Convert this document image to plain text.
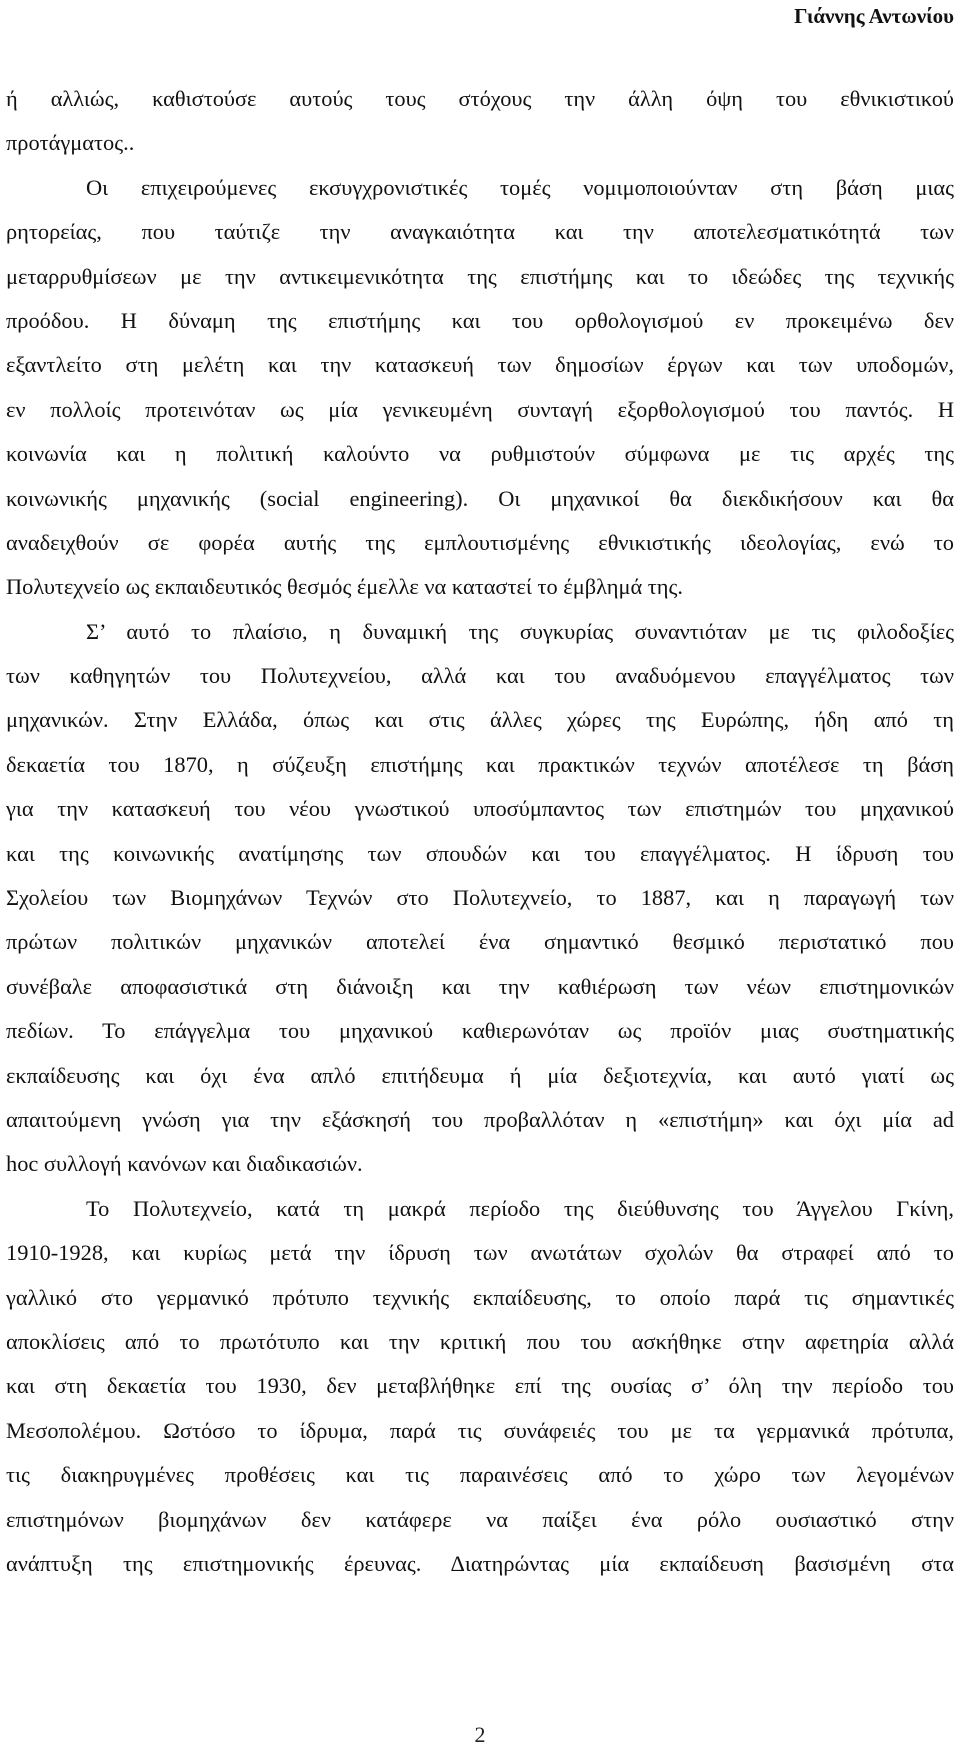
Γιάννης Αντωνίου

ή αλλιώς, καθιστούσε αυτούς τους στόχους την άλλη όψη του εθνικιστικού
προτάγματος..

Οι επιχειρούμενες εκσυγχρονιστικές τομές νομιμοποιούνταν στη βάση μιας
ρητορείας, που ταύτιζε την αναγκαιότητα και την αποτελεσματικότητά των
μεταρρυθμίσεων με την αντικειμενικότητα της επιστήμης και το ιδεώδες της τεχνικής
προόδου. Η δύναμη της επιστήμης και του ορθολογισμού εν προκειμένω δεν
εξαντλείτο στη μελέτη και την κατασκευή των δημοσίων έργων και των υποδομών,
εν πολλοίς προτεινόταν ως μία γενικευμένη συνταγή εξορθολογισμού του παντός. Η
κοινωνία και η πολιτική καλούντο να ρυθμιστούν σύμφωνα με τις αρχές της
κοινωνικής μηχανικής (social engineering). Οι μηχανικοί θα διεκδικήσουν και θα
αναδειχθούν σε φορέα αυτής της εμπλουτισμένης εθνικιστικής ιδεολογίας, ενώ το
Πολυτεχνείο ως εκπαιδευτικός θεσμός έμελλε να καταστεί το έμβλημά της.

Σ’ αυτό το πλαίσιο, η δυναμική της συγκυρίας συναντιόταν με τις φιλοδοξίες
των καθηγητών του Πολυτεχνείου, αλλά και του αναδυόμενου επαγγέλματος των
μηχανικών. Στην Ελλάδα, όπως και στις άλλες χώρες της Ευρώπης, ήδη από τη
δεκαετία του 1870, η σύζευξη επιστήμης και πρακτικών τεχνών αποτέλεσε τη βάση
για την κατασκευή του νέου γνωστικού υποσύμπαντος των επιστημών του μηχανικού
και της κοινωνικής ανατίμησης των σπουδών και του επαγγέλματος. Η ίδρυση του
Σχολείου των Βιομηχάνων Τεχνών στο Πολυτεχνείο, το 1887, και η παραγωγή των
πρώτων πολιτικών μηχανικών αποτελεί ένα σημαντικό θεσμικό περιστατικό που
συνέβαλε αποφασιστικά στη διάνοιξη και την καθιέρωση των νέων επιστημονικών
πεδίων. Το επάγγελμα του μηχανικού καθιερωνόταν ως προϊόν μιας συστηματικής
εκπαίδευσης και όχι ένα απλό επιτήδευμα ή μία δεξιοτεχνία, και αυτό γιατί ως
απαιτούμενη γνώση για την εξάσκησή του προβαλλόταν η «επιστήμη» και όχι μία ad
hoc συλλογή κανόνων και διαδικασιών.

Το Πολυτεχνείο, κατά τη μακρά περίοδο της διεύθυνσης του Άγγελου Γκίνη,
1910-1928, και κυρίως μετά την ίδρυση των ανωτάτων σχολών θα στραφεί από το
γαλλικό στο γερμανικό πρότυπο τεχνικής εκπαίδευσης, το οποίο παρά τις σημαντικές
αποκλίσεις από το πρωτότυπο και την κριτική που του ασκήθηκε στην αφετηρία αλλά
και στη δεκαετία του 1930, δεν μεταβλήθηκε επί της ουσίας σ’ όλη την περίοδο του
Μεσοπολέμου. Ωστόσο το ίδρυμα, παρά τις συνάφειές του με τα γερμανικά πρότυπα,
τις διακηρυγμένες προθέσεις και τις παραινέσεις από το χώρο των λεγομένων
επιστημόνων βιομηχάνων δεν κατάφερε να παίξει ένα ρόλο ουσιαστικό στην
ανάπτυξη της επιστημονικής έρευνας. Διατηρώντας μία εκπαίδευση βασισμένη στα

2
